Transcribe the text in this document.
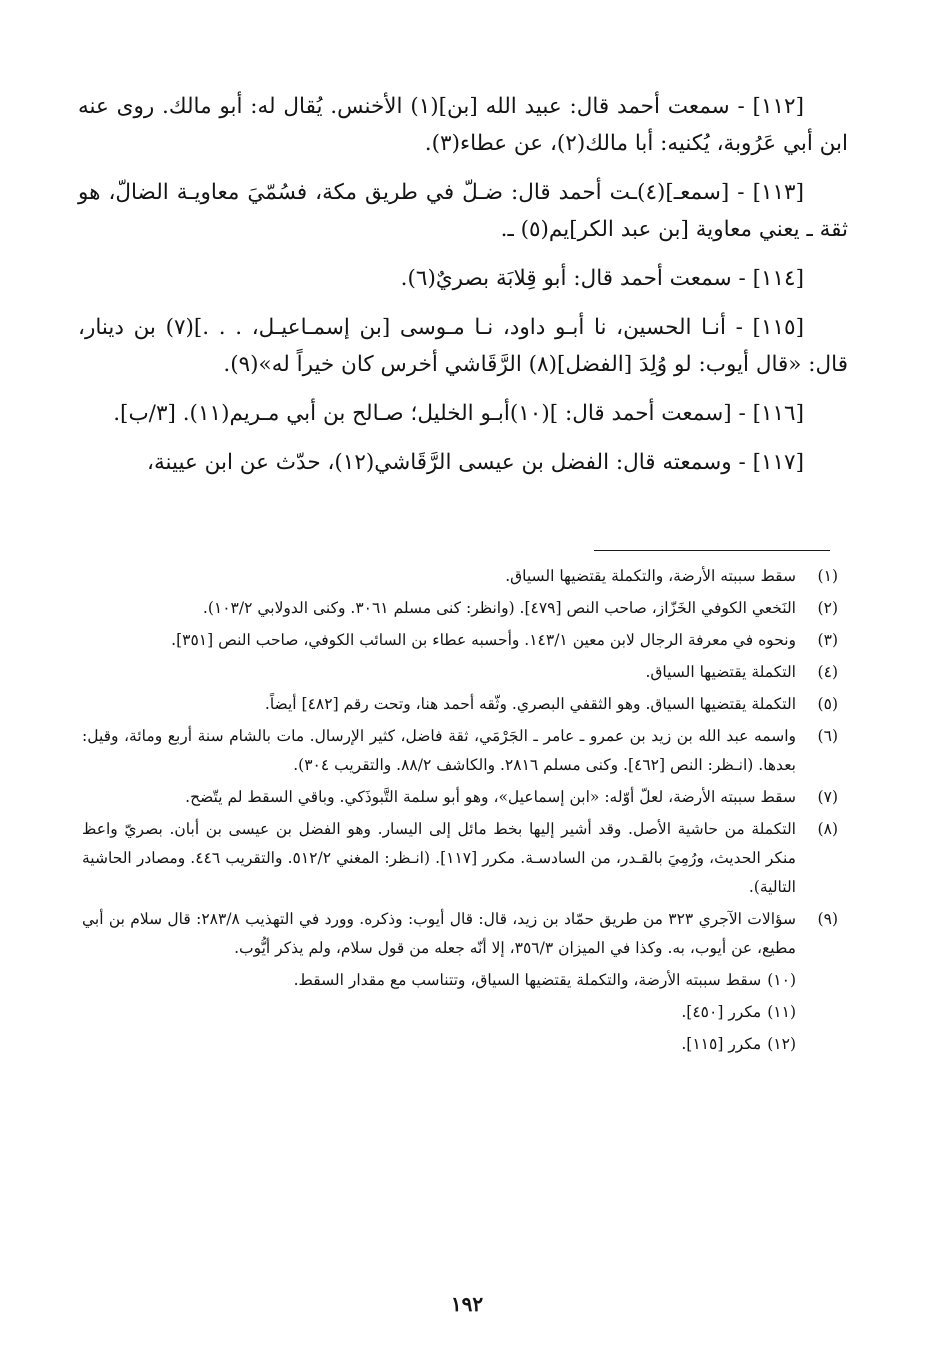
[١١٢] - سمعت أحمد قال: عبيد الله [بن](١) الأخنس. يُقال له: أبو مالك. روى عنه ابن أبي عَرُوبة، يُكنيه: أبا مالك(٢)، عن عطاء(٣).

[١١٣] - [سمعـ](٤)ـت أحمد قال: ضـلّ في طريق مكة، فسُمّيَ معاويـة الضالّ، هو ثقة ـ يعني معاوية [بن عبد الكر]يم(٥) ـ.

[١١٤] - سمعت أحمد قال: أبو قِلابَة بصريٌ(٦).

[١١٥] - أنـا الحسين، نا أبـو داود، نـا مـوسى [بن إسمـاعيـل، . . .](٧) بن دينار، قال: «قال أيوب: لو وُلِدَ [الفضل](٨) الرَّقَاشي أخرس كان خيراً له»(٩).

[١١٦] - [سمعت أحمد قال: ](١٠)أبـو الخليل؛ صـالح بن أبي مـريم(١١). [٣/ب].

[١١٧] - وسمعته قال: الفضل بن عيسى الرَّقَاشي(١٢)، حدّث عن ابن عيينة،

(١)
سقط سببته الأرضة، والتكملة يقتضيها السياق.
(٢)
النَخعي الكوفي الخَزّاز، صاحب النص [٤٧٩]. (وانظر: كنى مسلم ٣٠٦١. وكنى الدولابي ١٠٣/٢).
(٣)
ونحوه في معرفة الرجال لابن معين ١٤٣/١. وأحسبه عطاء بن السائب الكوفي، صاحب النص [٣٥١].
(٤)
التكملة يقتضيها السياق.
(٥)
التكملة يقتضيها السياق. وهو الثقفي البصري. وثّقه أحمد هنا، وتحت رقم [٤٨٢] أيضاً.
(٦)
واسمه عبد الله بن زيد بن عمرو ـ عامر ـ الجَرْمَي، ثقة فاضل، كثير الإرسال. مات بالشام سنة أربع ومائة، وقيل: بعدها. (انـظر: النص [٤٦٢]. وكنى مسلم ٢٨١٦. والكاشف ٨٨/٢. والتقريب ٣٠٤).
(٧)
سقط سببته الأرضة، لعلّ أوّله: «ابن إسماعيل»، وهو أبو سلمة التَّبوذَكي. وباقي السقط لم يتّضح.
(٨)
التكملة من حاشية الأصل. وقد أشير إليها بخط مائل إلى اليسار. وهو الفضل بن عيسى بن أبان. بصريّ واعظ منكر الحديث، ورُمِيَ بالقـدر، من السادسـة. مكرر [١١٧]. (انـظر: المغني ٥١٢/٢. والتقريب ٤٤٦. ومصادر الحاشية التالية).
(٩)
سؤالات الآجري ٣٢٣ من طريق حمّاد بن زيد، قال: قال أيوب: وذكره. وورد في التهذيب ٢٨٣/٨: قال سلام بن أبي مطيع، عن أيوب، به. وكذا في الميزان ٣٥٦/٣، إلا أنّه جعله من قول سلام، ولم يذكر أيُّوب.
(١٠)
سقط سببته الأرضة، والتكملة يقتضيها السياق، وتتناسب مع مقدار السقط.
(١١)
مكرر [٤٥٠].
(١٢)
مكرر [١١٥].
١٩٢
